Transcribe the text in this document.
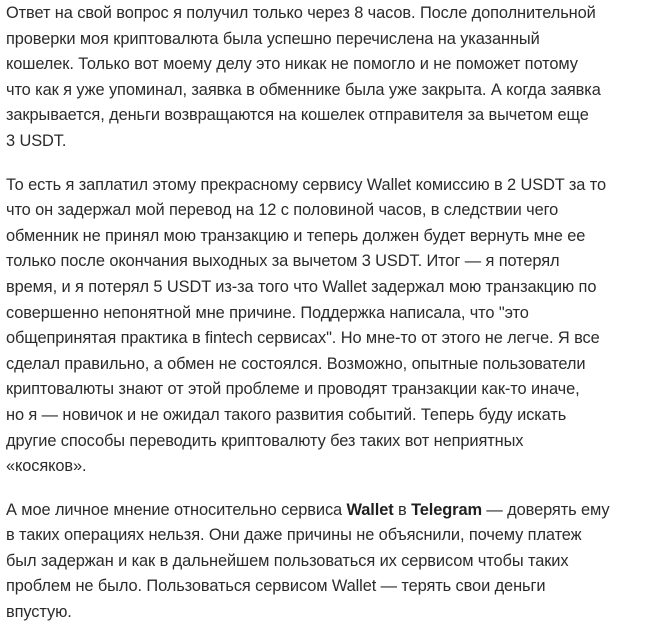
Ответ на свой вопрос я получил только через 8 часов. После дополнительной
проверки моя криптовалюта была успешно перечислена на указанный
кошелек. Только вот моему делу это никак не помогло и не поможет потому
что как я уже упоминал, заявка в обменнике была уже закрыта. А когда заявка
закрывается, деньги возвращаются на кошелек отправителя за вычетом еще
3 USDT.
То есть я заплатил этому прекрасному сервису Wallet комиссию в 2 USDT за то
что он задержал мой перевод на 12 с половиной часов, в следствии чего
обменник не принял мою транзакцию и теперь должен будет вернуть мне ее
только после окончания выходных за вычетом 3 USDT. Итог — я потерял
время, и я потерял 5 USDT из-за того что Wallet задержал мою транзакцию по
совершенно непонятной мне причине. Поддержка написала, что "это
общепринятая практика в fintech сервисах". Но мне-то от этого не легче. Я все
сделал правильно, а обмен не состоялся. Возможно, опытные пользователи
криптовалюты знают от этой проблеме и проводят транзакции как-то иначе,
но я — новичок и не ожидал такого развития событий. Теперь буду искать
другие способы переводить криптовалюту без таких вот неприятных
«косяков».
А мое личное мнение относительно сервиса Wallet в Telegram — доверять ему
в таких операциях нельзя. Они даже причины не объяснили, почему платеж
был задержан и как в дальнейшем пользоваться их сервисом чтобы таких
проблем не было. Пользоваться сервисом Wallet — терять свои деньги
впустую.
